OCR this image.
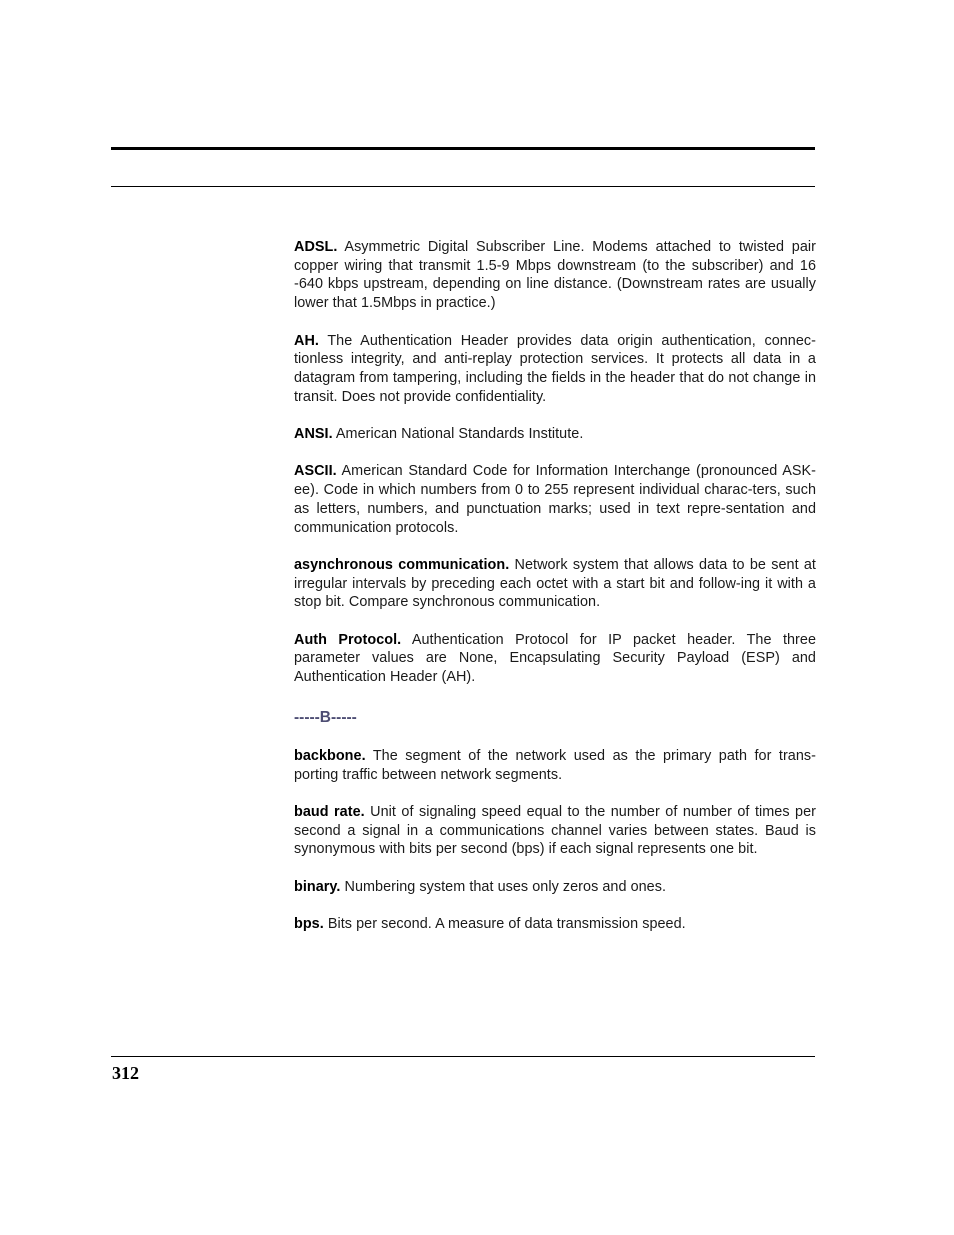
ADSL. Asymmetric Digital Subscriber Line. Modems attached to twisted pair copper wiring that transmit 1.5-9 Mbps downstream (to the subscriber) and 16 -640 kbps upstream, depending on line distance. (Downstream rates are usually lower that 1.5Mbps in practice.)

AH. The Authentication Header provides data origin authentication, connec-tionless integrity, and anti-replay protection services. It protects all data in a datagram from tampering, including the fields in the header that do not change in transit. Does not provide confidentiality.

ANSI. American National Standards Institute.

ASCII. American Standard Code for Information Interchange (pronounced ASK-ee). Code in which numbers from 0 to 255 represent individual charac-ters, such as letters, numbers, and punctuation marks; used in text repre-sentation and communication protocols.

asynchronous communication. Network system that allows data to be sent at irregular intervals by preceding each octet with a start bit and follow-ing it with a stop bit. Compare synchronous communication.

Auth Protocol. Authentication Protocol for IP packet header. The three parameter values are None, Encapsulating Security Payload (ESP) and Authentication Header (AH).

-----B-----

backbone. The segment of the network used as the primary path for trans-porting traffic between network segments.

baud rate. Unit of signaling speed equal to the number of number of times per second a signal in a communications channel varies between states. Baud is synonymous with bits per second (bps) if each signal represents one bit.

binary. Numbering system that uses only zeros and ones.

bps. Bits per second. A measure of data transmission speed.

312
